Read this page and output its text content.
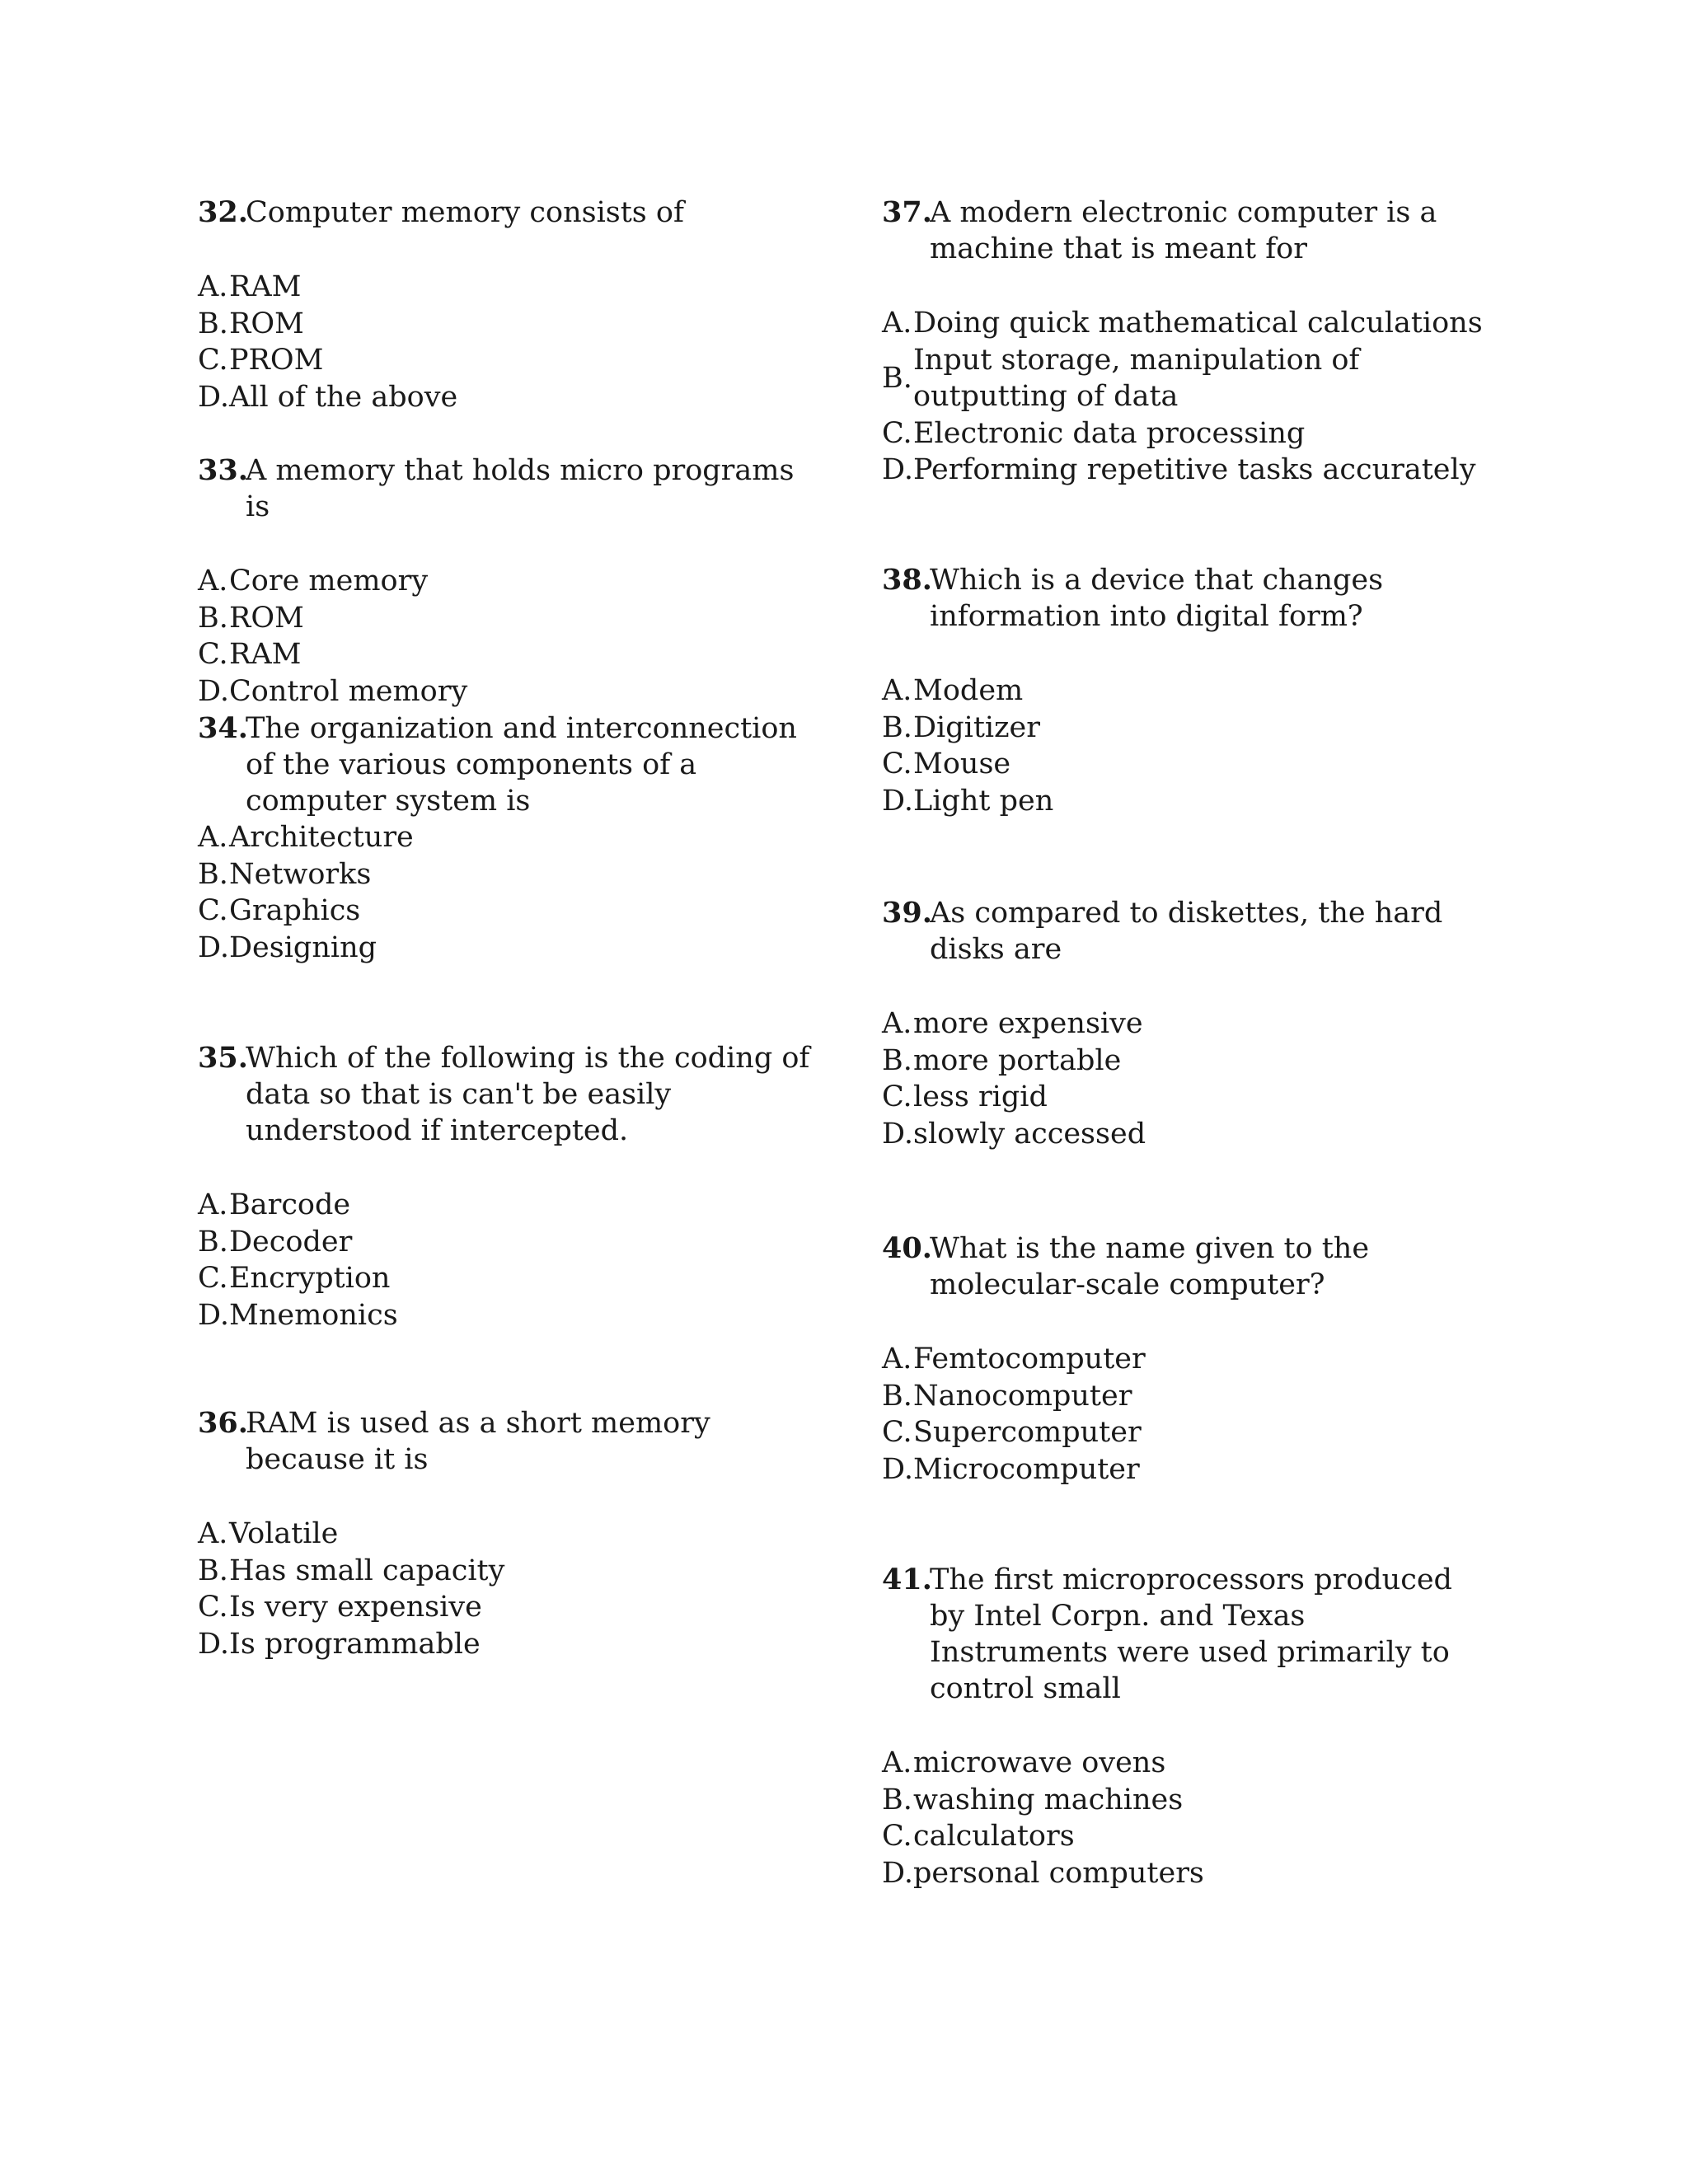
32.Computer memory consists of

A. RAM
B. ROM
C. PROM
D. All of the above

33.A memory that holds micro programs is

A. Core memory
B. ROM
C. RAM
D. Control memory

34.The organization and interconnection of the various components of a computer system is

A. Architecture
B. Networks
C. Graphics
D. Designing

35.Which of the following is the coding of data so that is can't be easily understood if intercepted.

A. Barcode
B. Decoder
C. Encryption
D. Mnemonics

36.RAM is used as a short memory because it is

A. Volatile
B. Has small capacity
C. Is very expensive
D. Is programmable

37.A modern electronic computer is a machine that is meant for

A. Doing quick mathematical calculations
B.
Input storage, manipulation of outputting of data
C. Electronic data processing
D. Performing repetitive tasks accurately

38.Which is a device that changes information into digital form?

A. Modem
B. Digitizer
C. Mouse
D. Light pen

39.As compared to diskettes, the hard disks are

A. more expensive
B. more portable
C. less rigid
D. slowly accessed

40.What is the name given to the molecular-scale computer?

A. Femtocomputer
B. Nanocomputer
C. Supercomputer
D. Microcomputer

41.The first microprocessors produced by Intel Corpn. and Texas Instruments were used primarily to control small

A. microwave ovens
B. washing machines
C. calculators
D. personal computers
